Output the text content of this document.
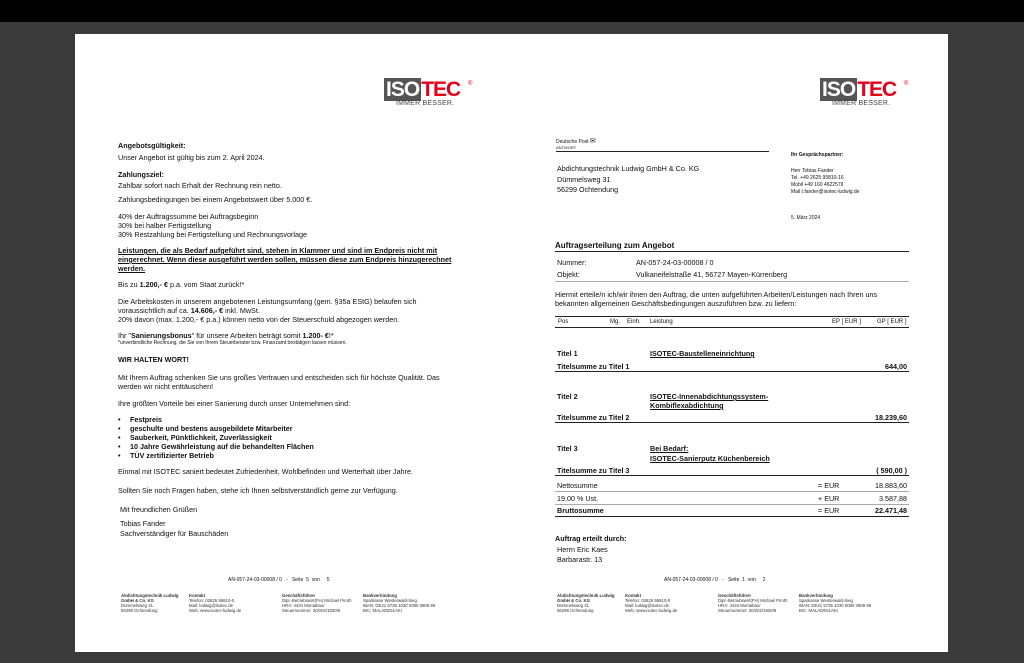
ISOTEC ®
IMMER BESSER.
Angebotsgültigkeit:
Unser Angebot ist gültig bis zum 2. April 2024.
Zahlungsziel:
Zahlbar sofort nach Erhalt der Rechnung rein netto.
Zahlungsbedingungen bei einem Angebotswert über 5.000 €.
40% der Auftragssumme bei Auftragsbeginn
30% bei halber Fertigstellung
30% Restzahlung bei Fertigstellung und Rechnungsvorlage
Leistungen, die als Bedarf aufgeführt sind, stehen in Klammer und sind im Endpreis nicht mit
eingerechnet. Wenn diese ausgeführt werden sollen, müssen diese zum Endpreis hinzugerechnet
werden.
Bis zu 1.200,- € p.a. vom Staat zurück!*
Die Arbeitskosten in unserem angebotenen Leistungsumfang (gem. §35a EStG) belaufen sich
voraussichtlich auf ca. 14.606,- € inkl. MwSt.
20% davon (max. 1.200,- € p.a.) können netto von der Steuerschuld abgezogen werden.
Ihr "Sanierungsbonus" für unsere Arbeiten beträgt somit 1.200- €!*
*unverbindliche Rechnung, die Sie von Ihrem Steuerberater bzw. Finanzamt bestätigen lassen müssen.
WIR HALTEN WORT!
Mit Ihrem Auftrag schenken Sie uns großes Vertrauen und entscheiden sich für höchste Qualität. Das
werden wir nicht enttäuschen!
Ihre größten Vorteile bei einer Sanierung durch unser Unternehmen sind:
• Festpreis
• geschulte und bestens ausgebildete Mitarbeiter
• Sauberkeit, Pünktlichkeit, Zuverlässigkeit
• 10 Jahre Gewährleistung auf die behandelten Flächen
• TÜV zertifizierter Betrieb
Einmal mit ISOTEC saniert bedeutet Zufriedenheit, Wohlbefinden und Werterhalt über Jahre.
Sollten Sie noch Fragen haben, stehe ich Ihnen selbstverständlich gerne zur Verfügung.
Mit freundlichen Grüßen
Tobias Fander
Sachverständiger für Bauschäden
AN-057-24-03-00008 / 0 - Seite 5 von 5
Abdichtungstechnik Ludwig
GmbH & Co. KG
Dümmelsweg 31
56299 Ochtendung
Kontakt
Telefon: 02625 95810-0
Mail: ludwig@isotec.de
Web: www.isotec-ludwig.de
Geschäftsführer
Dipl.-Betriebswirt(FH) Michael Piroth
HRA: 4434 Montabaur
Steuernummer: 30/202/1820/9
Bankverbindung
Sparkasse Westerwald-Sieg
IBAN: DE41 5735 1030 0080 0809 89
BIC: MALADE51AKI
ISOTEC ®
IMMER BESSER.
Deutsche Post ✉
ANTWORT
Abdichtungstechnik Ludwig GmbH & Co. KG
Dümmelsweg 31
56299 Ochtendung
Ihr Gesprächspartner:
Herr Tobias Fander
Tel. +49 2625 95810-16
Mobil +49 160 4622579
Mail t.fander@isotec-ludwig.de
5. März 2024
Auftragserteilung zum Angebot
Nummer:	AN-057-24-03-00008 / 0
Objekt:	Vulkaneifelstraße 41, 56727 Mayen-Kürrenberg
Hiermit erteile/n ich/wir ihnen den Auftrag, die unten aufgeführten Arbeiten/Leistungen nach Ihren uns
bekannten allgemeinen Geschäftsbedingungen auszuführen bzw. zu liefern:
Pos	Mg. Einh. Leistung	EP [ EUR ]	GP [ EUR ]
Titel 1	ISOTEC-Baustelleneinrichtung
Titelsumme zu Titel 1	644,00
Titel 2	ISOTEC-Innenabdichtungssystem-
Kombiflexabdichtung
Titelsumme zu Titel 2	18.239,60
Titel 3	Bei Bedarf:
ISOTEC-Sanierputz Küchenbereich
Titelsumme zu Titel 3	( 590,00 )
Nettosumme	= EUR	18.883,60
19,00 % Ust.	+ EUR	3.587,88
Bruttosumme	= EUR	22.471,48
Auftrag erteilt durch:
Herrn Eric Kaes
Barbarastr. 13
AN-057-24-03-00008 / 0 - Seite 1 von 2
Abdichtungstechnik Ludwig
GmbH & Co. KG
Dümmelsweg 31
56299 Ochtendung
Kontakt
Telefon: 02625 95810-0
Mail: ludwig@isotec.de
Web: www.isotec-ludwig.de
Geschäftsführer
Dipl.-Betriebswirt(FH) Michael Piroth
HRA: 4434 Montabaur
Steuernummer: 30/202/1820/9
Bankverbindung
Sparkasse Westerwald-Sieg
IBAN: DE41 5735 1030 0080 0809 89
BIC: MALADE51AKI
